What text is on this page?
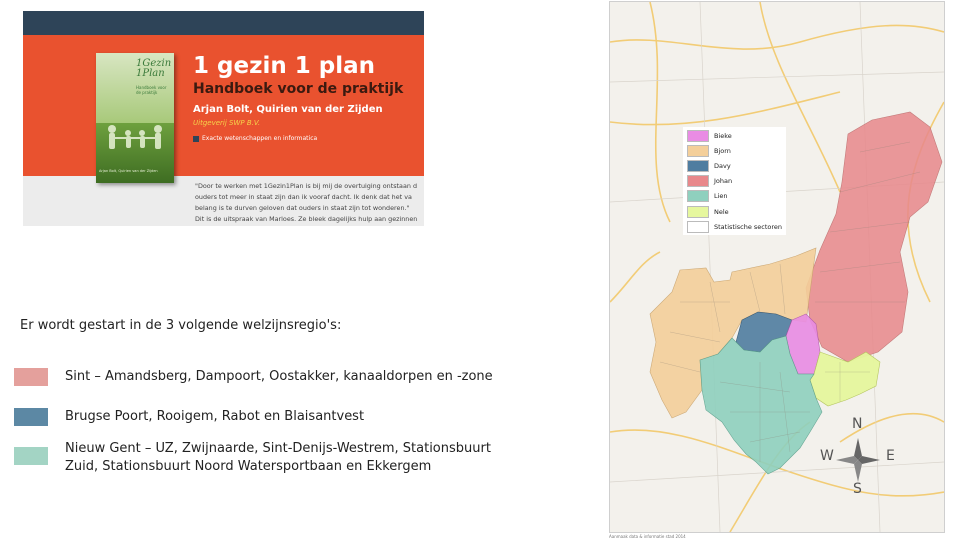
1Gezin 1Plan
Handboek voor de praktijk
Arjan Bolt, Quirien van der Zijden
1 gezin 1 plan
Handboek voor de praktijk
Arjan Bolt, Quirien van der Zijden
Uitgeverij SWP B.V.
Exacte wetenschappen en informatica
"Door te werken met 1Gezin1Plan is bij mij de overtuiging ontstaan d
ouders tot meer in staat zijn dan ik vooraf dacht. Ik denk dat het va
belang is te durven geloven dat ouders in staat zijn tot wonderen."
Dit is de uitspraak van Marloes. Ze bleek dagelijks hulp aan gezinnen
Er wordt gestart in de 3 volgende welzijnsregio's:
Sint – Amandsberg, Dampoort, Oostakker, kanaaldorpen en -zone
Brugse Poort, Rooigem, Rabot en Blaisantvest
Nieuw Gent – UZ, Zwijnaarde, Sint-Denijs-Westrem, Stationsbuurt
Zuid, Stationsbuurt Noord Watersportbaan en Ekkergem
Bieke
Bjorn
Davy
Johan
Lien
Nele
Statistische sectoren
N
E
S
W
Aanmaak data & informatie stad 2014
